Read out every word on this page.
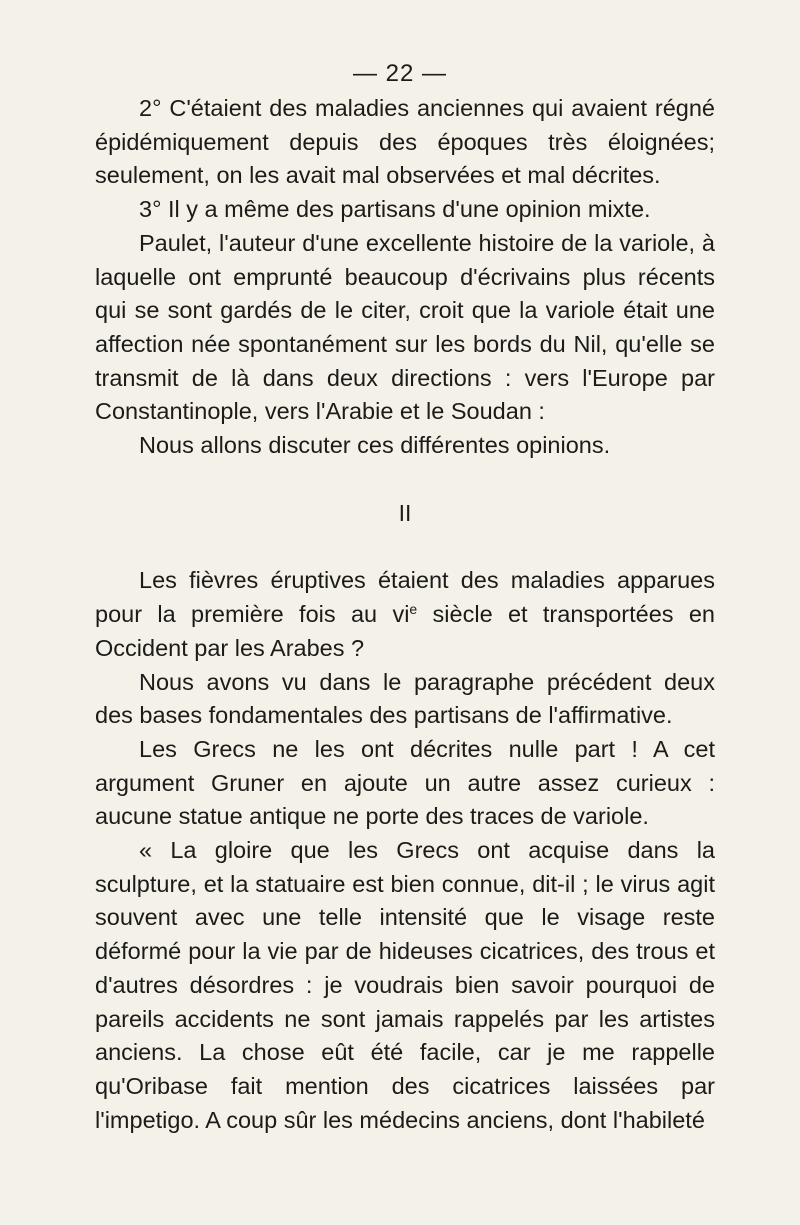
— 22 —

2° C'étaient des maladies anciennes qui avaient régné épidémiquement depuis des époques très éloignées; seulement, on les avait mal observées et mal décrites.

3° Il y a même des partisans d'une opinion mixte.

Paulet, l'auteur d'une excellente histoire de la variole, à laquelle ont emprunté beaucoup d'écrivains plus récents qui se sont gardés de le citer, croit que la variole était une affection née spontanément sur les bords du Nil, qu'elle se transmit de là dans deux directions : vers l'Europe par Constantinople, vers l'Arabie et le Soudan :

Nous allons discuter ces différentes opinions.

II

Les fièvres éruptives étaient des maladies apparues pour la première fois au $vi^e$ siècle et transportées en Occident par les Arabes ?

Nous avons vu dans le paragraphe précédent deux des bases fondamentales des partisans de l'affirmative.

Les Grecs ne les ont décrites nulle part ! A cet argument Gruner en ajoute un autre assez curieux : aucune statue antique ne porte des traces de variole.

« La gloire que les Grecs ont acquise dans la sculpture, et la statuaire est bien connue, dit-il ; le virus agit souvent avec une telle intensité que le visage reste déformé pour la vie par de hideuses cicatrices, des trous et d'autres désordres : je voudrais bien savoir pourquoi de pareils accidents ne sont jamais rappelés par les artistes anciens. La chose eût été facile, car je me rappelle qu'Oribase fait mention des cicatrices laissées par l'impetigo. A coup sûr les médecins anciens, dont l'habileté
